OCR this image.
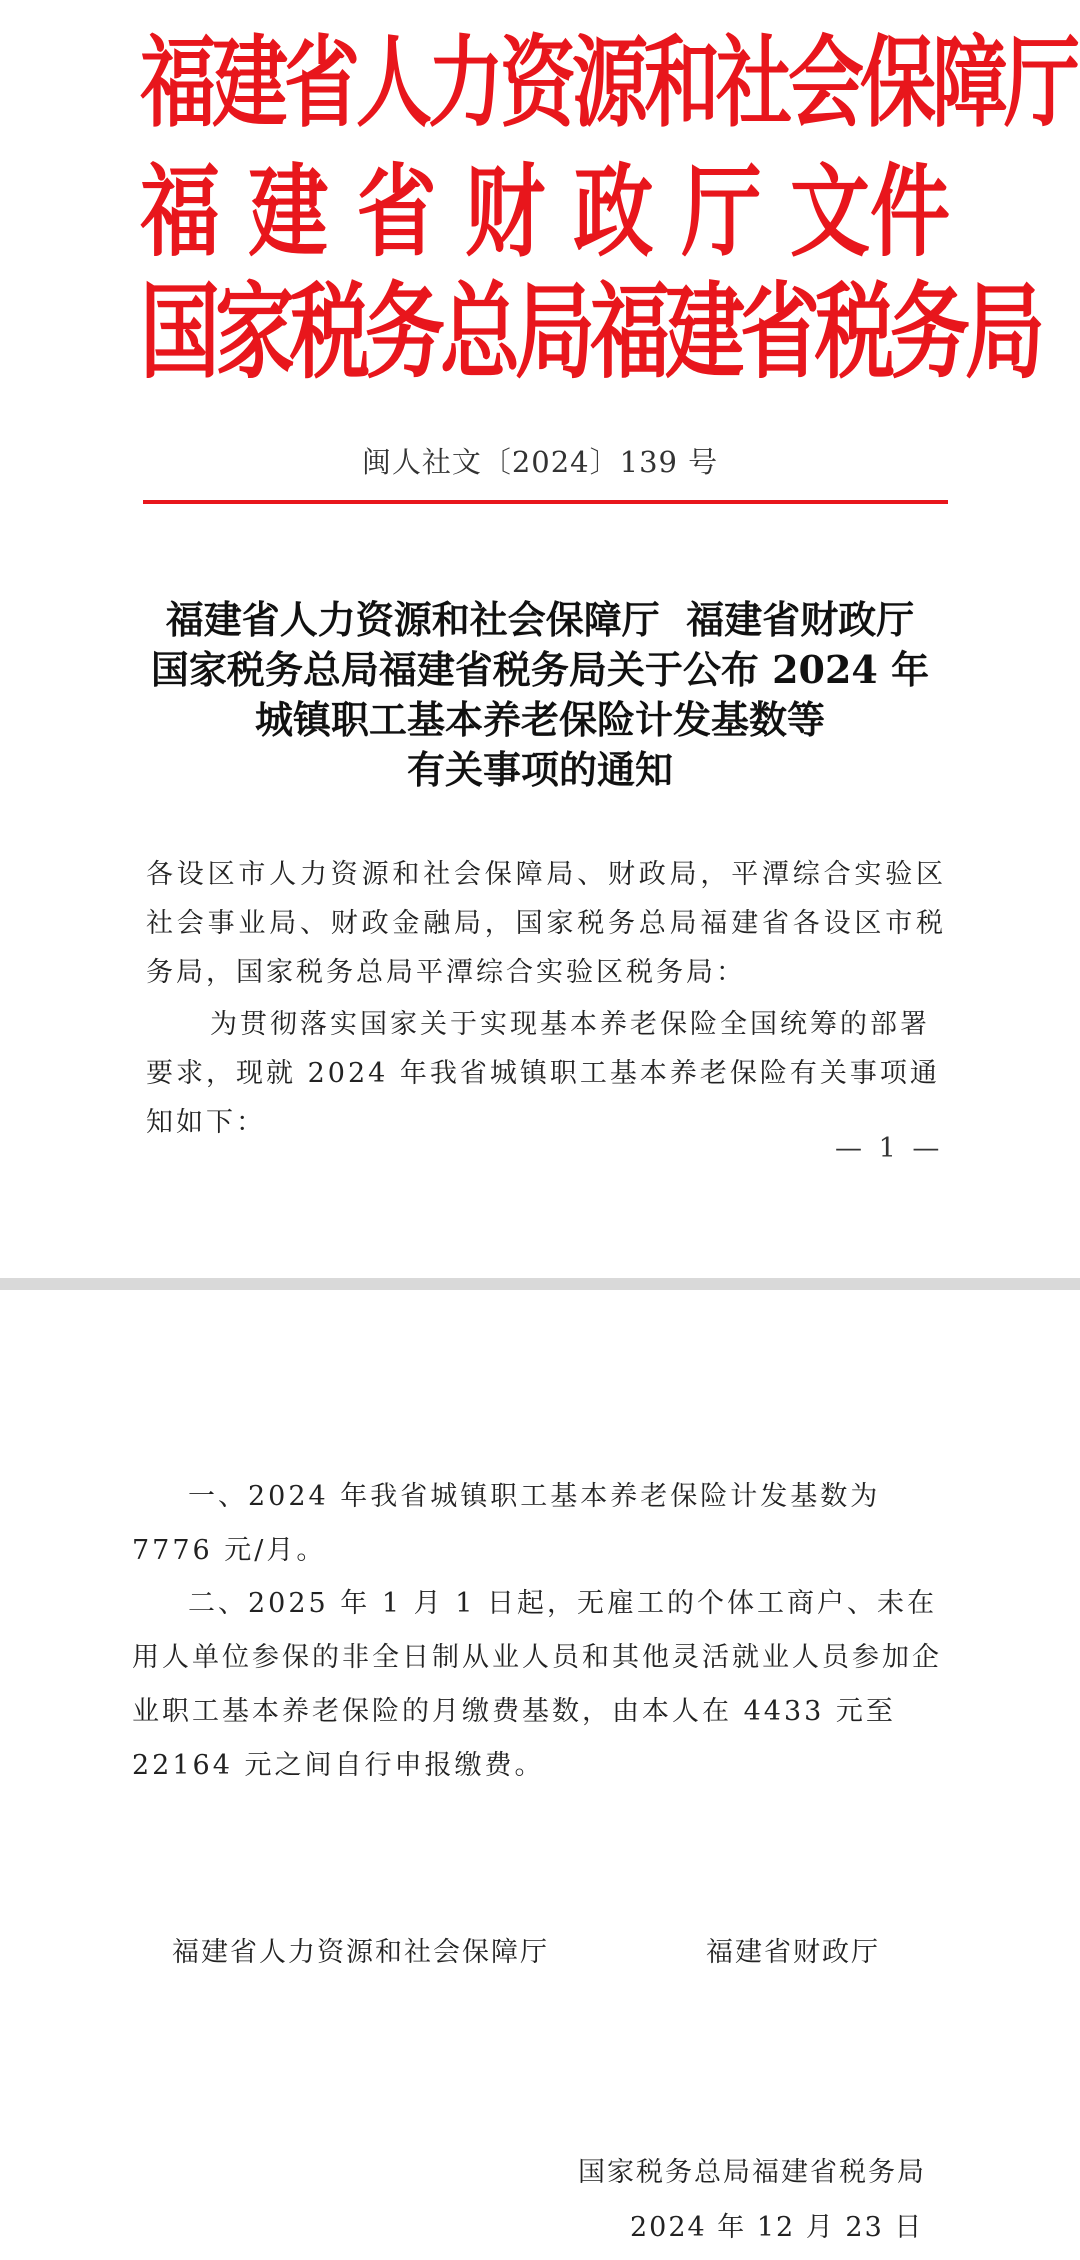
福建省人力资源和社会保障厅
福 建 省 财 政 厅 文件
国家税务总局福建省税务局
闽人社文〔2024〕139 号
福建省人力资源和社会保障厅  福建省财政厅
国家税务总局福建省税务局关于公布 2024 年
城镇职工基本养老保险计发基数等
有关事项的通知
各设区市人力资源和社会保障局、财政局，平潭综合实验区社会事业局、财政金融局，国家税务总局福建省各设区市税务局，国家税务总局平潭综合实验区税务局：
为贯彻落实国家关于实现基本养老保险全国统筹的部署要求，现就 2024 年我省城镇职工基本养老保险有关事项通知如下：
— 1 —
一、2024 年我省城镇职工基本养老保险计发基数为 7776 元/月。
二、2025 年 1 月 1 日起，无雇工的个体工商户、未在用人单位参保的非全日制从业人员和其他灵活就业人员参加企业职工基本养老保险的月缴费基数，由本人在 4433 元至 22164 元之间自行申报缴费。
福建省人力资源和社会保障厅	福建省财政厅
国家税务总局福建省税务局
2024 年 12 月 23 日
